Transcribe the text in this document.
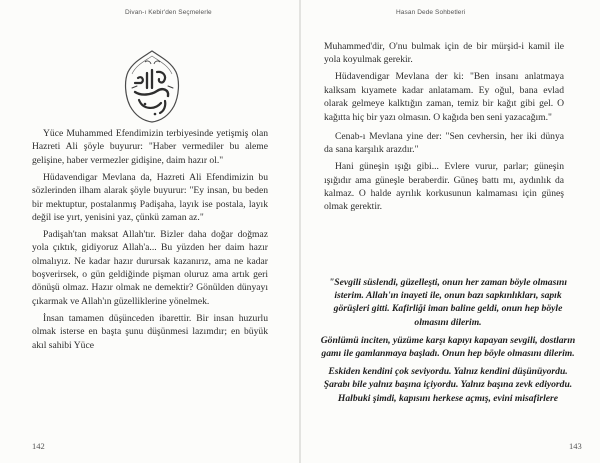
Divan-ı Kebir'den Seçmelerle

Yüce Muhammed Efendimizin terbiyesinde yetişmiş olan Hazreti Ali şöyle buyurur: "Haber vermediler bu aleme gelişine, haber vermezler gidişine, daim hazır ol."

Hüdavendigar Mevlana da, Hazreti Ali Efendimizin bu sözlerinden ilham alarak şöyle buyurur: "Ey insan, bu beden bir mektuptur, postalanmış Padişaha, layık ise postala, layık değil ise yırt, yenisini yaz, çünkü zaman az."

Padişah'tan maksat Allah'tır. Bizler daha doğar doğmaz yola çıktık, gidiyoruz Allah'a... Bu yüzden her daim hazır olmalıyız. Ne kadar hazır durursak kazanırız, ama ne kadar boşverirsek, o gün geldiğinde pişman oluruz ama artık geri dönüşü olmaz. Hazır olmak ne demektir? Gönülden dünyayı çıkarmak ve Allah'ın güzelliklerine yönelmek.

İnsan tamamen düşünceden ibarettir. Bir insan huzurlu olmak isterse en başta şunu düşünmesi lazımdır; en büyük akıl sahibi Yüce

142
Hasan Dede Sohbetleri

Muhammed'dir, O'nu bulmak için de bir mürşid-i kamil ile yola koyulmak gerekir.

Hüdavendigar Mevlana der ki: "Ben insanı anlatmaya kalksam kıyamete kadar anlatamam. Ey oğul, bana evlad olarak gelmeye kalktığın zaman, temiz bir kağıt gibi gel. O kağıtta hiç bir yazı olmasın. O kağıda ben seni yazacağım."

Cenab-ı Mevlana yine der: "Sen cevhersin, her iki dünya da sana karşılık arazdır."

Hani güneşin ışığı gibi... Evlere vurur, parlar; güneşin ışığıdır ama güneşle beraberdir. Güneş battı mı, aydınlık da kalmaz. O halde ayrılık korkusunun kalmaması için güneş olmak gerektir.

"Sevgili süslendi, güzelleşti, onun her zaman böyle olmasını isterim. Allah'ın inayeti ile, onun bazı sapkınlıkları, sapık görüşleri gitti. Kafirliği iman baline geldi, onun hep böyle olmasını dilerim.

Gönlümü inciten, yüzüme karşı kapıyı kapayan sevgili, dostların gamı ile gamlanmaya başladı. Onun hep böyle olmasını dilerim.

Eskiden kendini çok seviyordu. Yalnız kendini düşünüyordu. Şarabı bile yalnız başına içiyordu. Yalnız başına zevk ediyordu. Halbuki şimdi, kapısını herkese açmış, evini misafirlere

143
